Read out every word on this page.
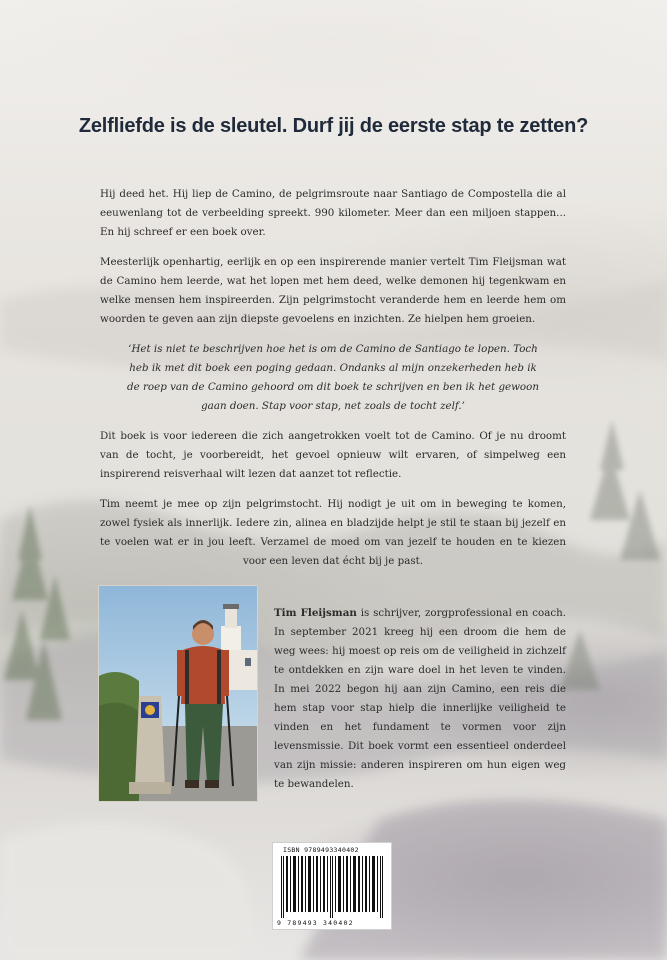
Zelfliefde is de sleutel. Durf jij de eerste stap te zetten?

Hij deed het. Hij liep de Camino, de pelgrimsroute naar Santiago de Compostella die al eeuwenlang tot de verbeelding spreekt. 990 kilometer. Meer dan een miljoen stappen... En hij schreef er een boek over.

Meesterlijk openhartig, eerlijk en op een inspirerende manier vertelt Tim Fleijsman wat de Camino hem leerde, wat het lopen met hem deed, welke demonen hij tegenkwam en welke mensen hem inspireerden. Zijn pelgrimstocht veranderde hem en leerde hem om woorden te geven aan zijn diepste gevoelens en inzichten. Ze hielpen hem groeien.

‘Het is niet te beschrijven hoe het is om de Camino de Santiago te lopen. Toch heb ik met dit boek een poging gedaan. Ondanks al mijn onzekerheden heb ik de roep van de Camino gehoord om dit boek te schrijven en ben ik het gewoon gaan doen. Stap voor stap, net zoals de tocht zelf.’

Dit boek is voor iedereen die zich aangetrokken voelt tot de Camino. Of je nu droomt van de tocht, je voorbereidt, het gevoel opnieuw wilt ervaren, of simpelweg een inspirerend reisverhaal wilt lezen dat aanzet tot reflectie.

Tim neemt je mee op zijn pelgrimstocht. Hij nodigt je uit om in beweging te komen, zowel fysiek als innerlijk. Iedere zin, alinea en bladzijde helpt je stil te staan bij jezelf en te voelen wat er in jou leeft. Verzamel de moed om van jezelf te houden en te kiezen voor een leven dat écht bij je past.

Tim Fleijsman is schrijver, zorgprofessional en coach. In september 2021 kreeg hij een droom die hem de weg wees: hij moest op reis om de veiligheid in zichzelf te ontdekken en zijn ware doel in het leven te vinden. In mei 2022 begon hij aan zijn Camino, een reis die hem stap voor stap hielp die innerlijke veiligheid te vinden en het fundament te vormen voor zijn levensmissie. Dit boek vormt een essentieel onderdeel van zijn missie: anderen inspireren om hun eigen weg te bewandelen.
ISBN 9789493340402
9 789493 340402
